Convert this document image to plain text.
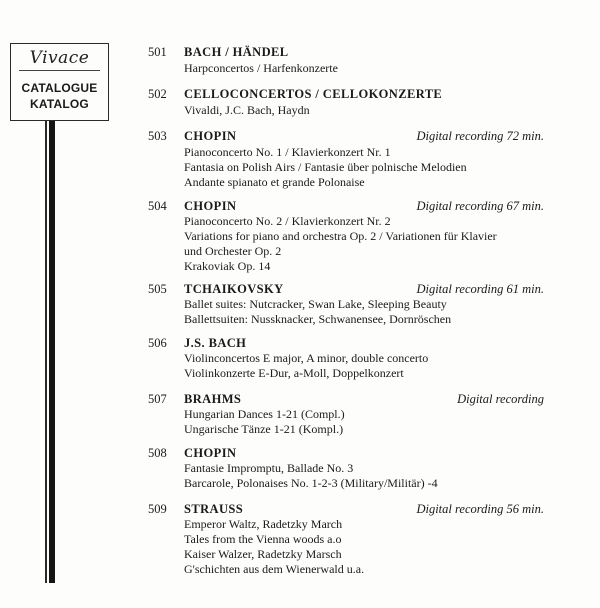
Vivace
CATALOGUE
KATALOG
501 BACH / HÄNDEL
Harpconcertos / Harfenkonzerte
502 CELLOCONCERTOS / CELLOKONZERTE
Vivaldi, J.C. Bach, Haydn
503 CHOPIN	Digital recording 72 min.
Pianoconcerto No. 1 / Klavierkonzert Nr. 1
Fantasia on Polish Airs / Fantasie über polnische Melodien
Andante spianato et grande Polonaise
504 CHOPIN	Digital recording 67 min.
Pianoconcerto No. 2 / Klavierkonzert Nr. 2
Variations for piano and orchestra Op. 2 / Variationen für Klavier
und Orchester Op. 2
Krakoviak Op. 14
505 TCHAIKOVSKY	Digital recording 61 min.
Ballet suites: Nutcracker, Swan Lake, Sleeping Beauty
Ballettsuiten: Nussknacker, Schwanensee, Dornröschen
506 J.S. BACH
Violinconcertos E major, A minor, double concerto
Violinkonzerte E-Dur, a-Moll, Doppelkonzert
507 BRAHMS	Digital recording
Hungarian Dances 1-21 (Compl.)
Ungarische Tänze 1-21 (Kompl.)
508 CHOPIN
Fantasie Impromptu, Ballade No. 3
Barcarole, Polonaises No. 1-2-3 (Military/Militär) -4
509 STRAUSS	Digital recording 56 min.
Emperor Waltz, Radetzky March
Tales from the Vienna woods a.o
Kaiser Walzer, Radetzky Marsch
G'schichten aus dem Wienerwald u.a.
